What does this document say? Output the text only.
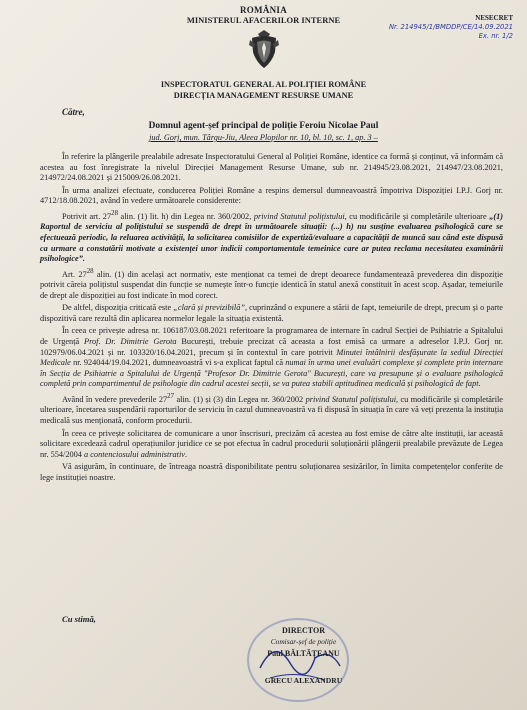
ROMÂNIA
MINISTERUL AFACERILOR INTERNE	NESECRET
Nr. 214945/1/BMDDP/CE/14.09.2021
Ex. nr. 1/2
INSPECTORATUL GENERAL AL POLIȚIEI ROMÂNE
DIRECȚIA MANAGEMENT RESURSE UMANE
Către,
Domnul agent-șef principal de poliție Feroiu Nicolae Paul
jud. Gorj, mun. Târgu-Jiu, Aleea Plopilor nr. 10, bl. 10, sc. 1, ap. 3 –

În referire la plângerile prealabile adresate Inspectoratului General al Poliției Române, identice ca formă și conținut, vă informăm că acestea au fost înregistrate la nivelul Direcției Management Resurse Umane, sub nr. 214945/23.08.2021, 214947/23.08.2021, 214972/24.08.2021 și 215009/26.08.2021.

În urma analizei efectuate, conducerea Poliției Române a respins demersul dumneavoastră împotriva Dispoziției I.P.J. Gorj nr. 4712/18.08.2021, având în vedere următoarele considerente:

Potrivit art. $27^{28}$ alin. (1) lit. h) din Legea nr. 360/2002, privind Statutul polițistului, cu modificările și completările ulterioare „(1) Raportul de serviciu al polițistului se suspendă de drept în următoarele situații: (...) h) nu susține evaluarea psihologică care se efectuează periodic, la reluarea activității, la solicitarea comisiilor de expertiză/evaluare a capacității de muncă sau când este dispusă ca urmare a constatării motivate a existenței unor indicii comportamentale temeinice care ar putea reclama necesitatea examinării psihologice”.

Art. $27^{28}$ alin. (1) din același act normativ, este menționat ca temei de drept deoarece fundamentează prevederea din dispoziție potrivit căreia polițistul suspendat din funcție se numește într-o funcție identică în statul anexă constituit în acest scop. Așadar, temeiurile de drept ale dispoziției au fost indicate în mod corect.

De altfel, dispoziția criticată este „clară și previzibilă”, cuprinzând o expunere a stării de fapt, temeiurile de drept, precum și o parte dispozitivă care rezultă din aplicarea normelor legale la situația existentă.

În ceea ce privește adresa nr. 106187/03.08.2021 referitoare la programarea de internare în cadrul Secției de Psihiatrie a Spitalului de Urgență Prof. Dr. Dimitrie Gerota București, trebuie precizat că aceasta a fost emisă ca urmare a adreselor I.P.J. Gorj nr. 102979/06.04.2021 și nr. 103320/16.04.2021, precum și în contextul în care potrivit Minutei întâlnirii desfășurate la sediul Direcției Medicale nr. 924044/19.04.2021, dumneavoastră vi s-a explicat faptul că numai în urma unei evaluări complexe și complete prin internare în Secția de Psihiatrie a Spitalului de Urgență "Profesor Dr. Dimitrie Gerota" București, care va presupune și o evaluare psihologică completă prin compartimentul de psihologie din cadrul acestei secții, se va putea stabili aptitudinea medicală și psihologică de fapt.

Având în vedere prevederile $27^{27}$ alin. (1) și (3) din Legea nr. 360/2002 privind Statutul polițistului, cu modificările și completările ulterioare, încetarea suspendării raporturilor de serviciu în cazul dumneavoastră va fi dispusă în situația în care vă veți prezenta la instituția medicală sus menționată, conform procedurii.

În ceea ce privește solicitarea de comunicare a unor înscrisuri, precizăm că acestea au fost emise de către alte instituții, iar această solicitare excedează cadrul operațiunilor juridice ce se pot efectua în cadrul procedurii soluționării plângerii prealabile prevăzute de Legea nr. 554/2004 a contenciosului administrativ.

Vă asigurăm, în continuare, de întreaga noastră disponibilitate pentru soluționarea sesizărilor, în limita competențelor conferite de lege instituției noastre.

Cu stimă,
DIRECTOR
Comisar-șef de poliție
Paul BĂLTĂȚEANU
GRECU ALEXANDRU
